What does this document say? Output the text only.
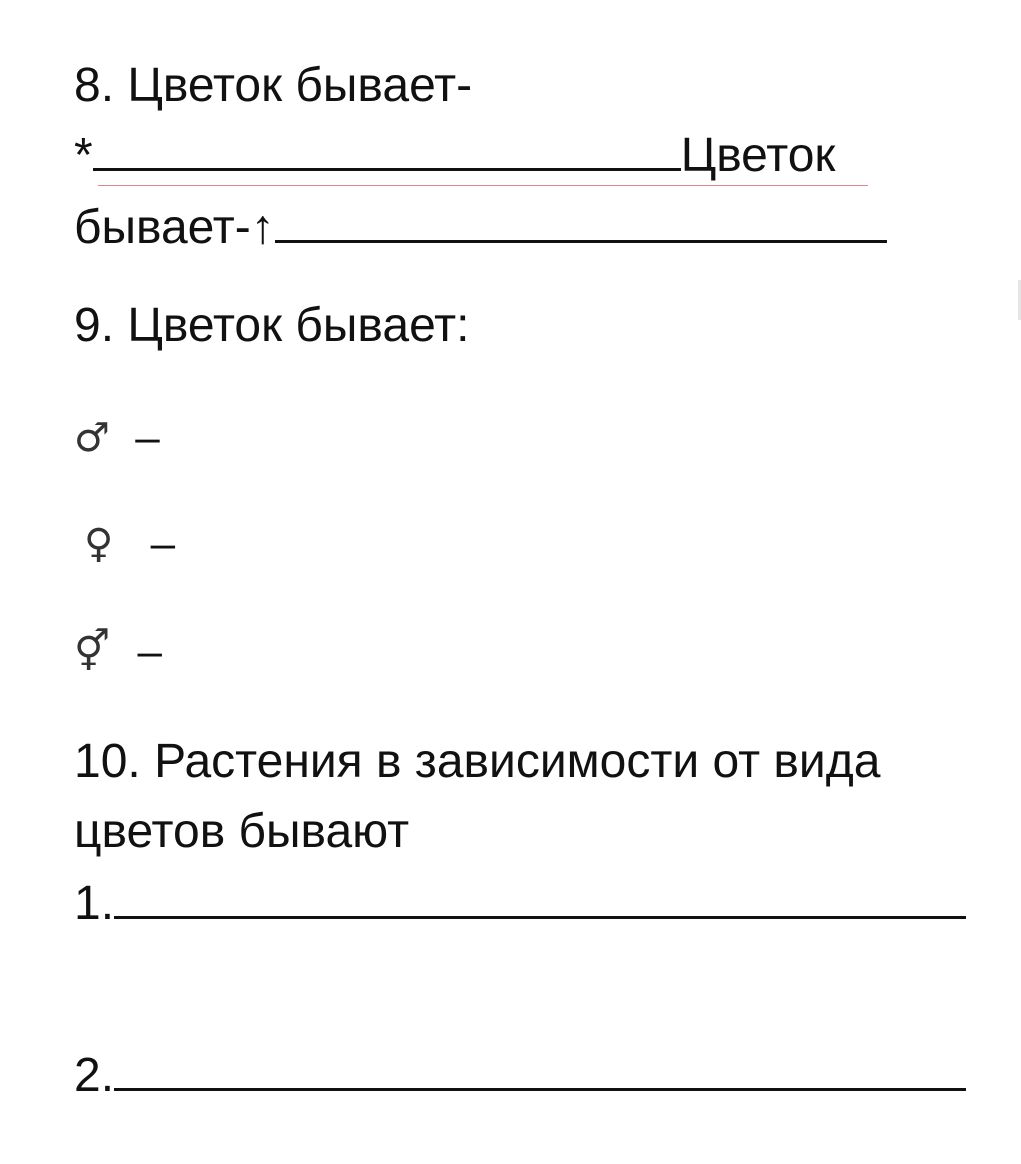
8. Цветок бывает-
*	Цветок
бывает-↑
9. Цветок бывает:
♂ –
♀ –
⚥ –
10. Растения в зависимости от вида
цветов бывают
1.
2.
